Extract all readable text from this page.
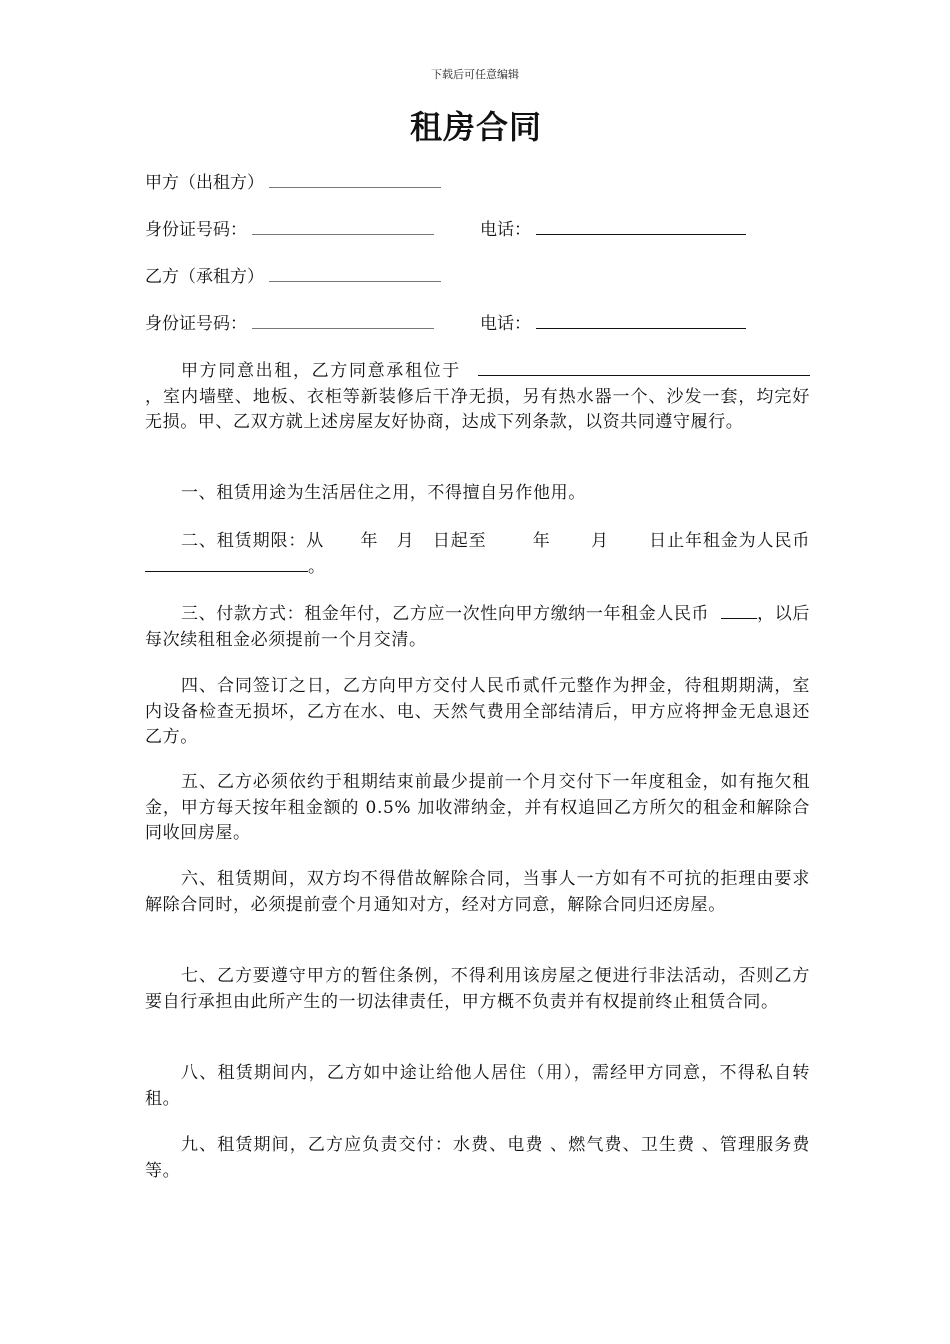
下载后可任意编辑
租房合同
甲方（出租方）
身份证号码：	电话：
乙方（承租方）
身份证号码：	电话：
甲方同意出租，乙方同意承租位于 ，室内墙壁、地板、衣柜等新装修后干净无损，另有热水器一个、沙发一套，均完好无损。甲、乙双方就上述房屋友好协商，达成下列条款，以资共同遵守履行。
一、租赁用途为生活居住之用，不得擅自另作他用。
二、租赁期限：从 年 月 日起至	年 月 日止年租金为人民币。
三、付款方式：租金年付，乙方应一次性向甲方缴纳一年租金人民币	，以后每次续租租金必须提前一个月交清。
四、合同签订之日，乙方向甲方交付人民币贰仟元整作为押金，待租期期满，室内设备检查无损坏，乙方在水、电、天然气费用全部结清后，甲方应将押金无息退还乙方。
五、乙方必须依约于租期结束前最少提前一个月交付下一年度租金，如有拖欠租金，甲方每天按年租金额的 0.5% 加收滞纳金，并有权追回乙方所欠的租金和解除合同收回房屋。
六、租赁期间，双方均不得借故解除合同，当事人一方如有不可抗的拒理由要求解除合同时，必须提前壹个月通知对方，经对方同意，解除合同归还房屋。
七、乙方要遵守甲方的暂住条例，不得利用该房屋之便进行非法活动，否则乙方要自行承担由此所产生的一切法律责任，甲方概不负责并有权提前终止租赁合同。
八、租赁期间内，乙方如中途让给他人居住（用），需经甲方同意，不得私自转租。
九、租赁期间，乙方应负责交付：水费、电费 、燃气费、卫生费 、管理服务费等。
